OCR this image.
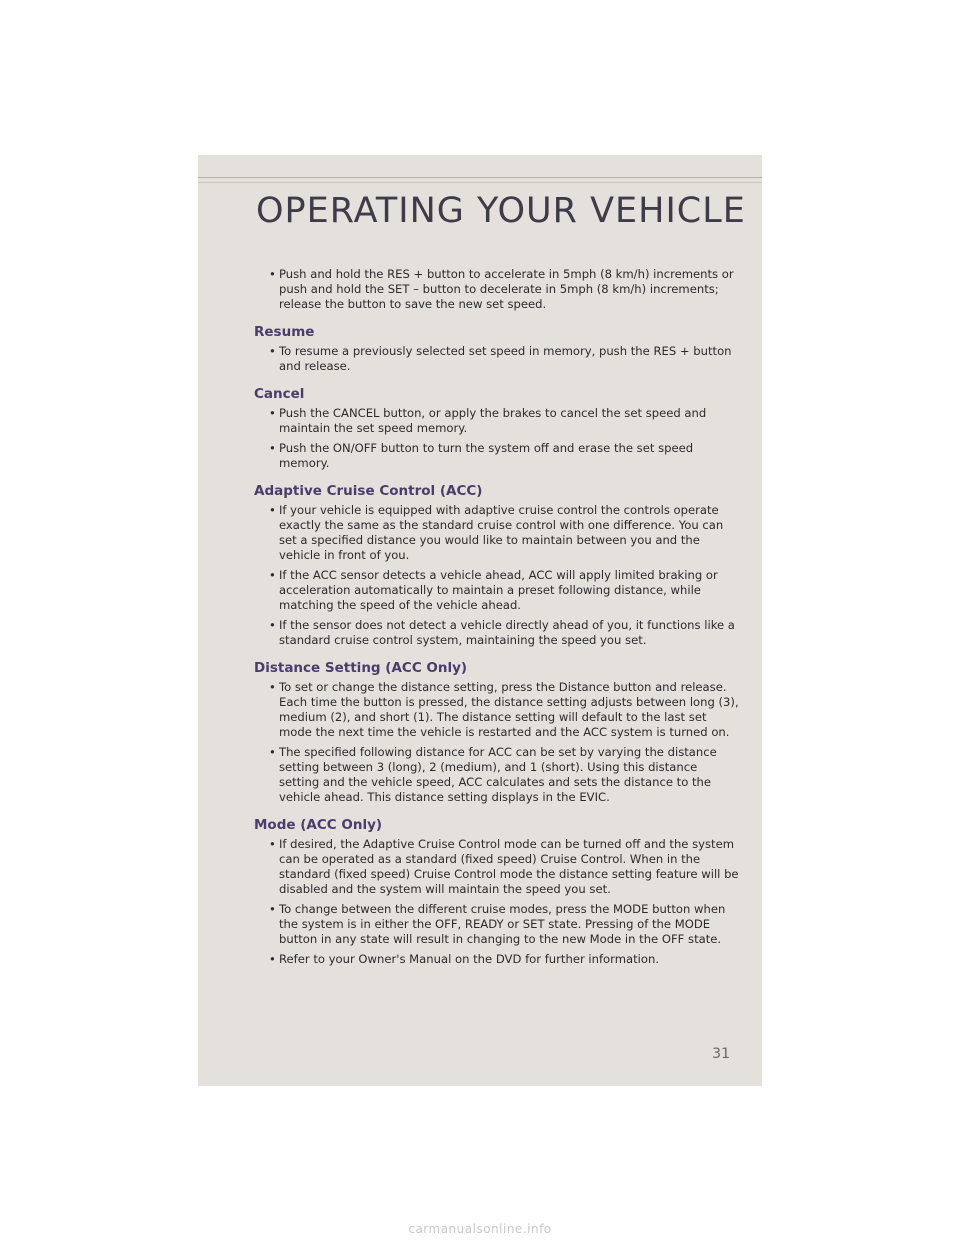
OPERATING YOUR VEHICLE
• Push and hold the RES + button to accelerate in 5mph (8 km/h) increments or push and hold the SET – button to decelerate in 5mph (8 km/h) increments; release the button to save the new set speed.
Resume
• To resume a previously selected set speed in memory, push the RES + button and release.
Cancel
• Push the CANCEL button, or apply the brakes to cancel the set speed and maintain the set speed memory.
• Push the ON/OFF button to turn the system off and erase the set speed memory.
Adaptive Cruise Control (ACC)
• If your vehicle is equipped with adaptive cruise control the controls operate exactly the same as the standard cruise control with one difference. You can set a specified distance you would like to maintain between you and the vehicle in front of you.
• If the ACC sensor detects a vehicle ahead, ACC will apply limited braking or acceleration automatically to maintain a preset following distance, while matching the speed of the vehicle ahead.
• If the sensor does not detect a vehicle directly ahead of you, it functions like a standard cruise control system, maintaining the speed you set.
Distance Setting (ACC Only)
• To set or change the distance setting, press the Distance button and release. Each time the button is pressed, the distance setting adjusts between long (3), medium (2), and short (1). The distance setting will default to the last set mode the next time the vehicle is restarted and the ACC system is turned on.
• The specified following distance for ACC can be set by varying the distance setting between 3 (long), 2 (medium), and 1 (short). Using this distance setting and the vehicle speed, ACC calculates and sets the distance to the vehicle ahead. This distance setting displays in the EVIC.
Mode (ACC Only)
• If desired, the Adaptive Cruise Control mode can be turned off and the system can be operated as a standard (fixed speed) Cruise Control. When in the standard (fixed speed) Cruise Control mode the distance setting feature will be disabled and the system will maintain the speed you set.
• To change between the different cruise modes, press the MODE button when the system is in either the OFF, READY or SET state. Pressing of the MODE button in any state will result in changing to the new Mode in the OFF state.
• Refer to your Owner's Manual on the DVD for further information.
31
carmanualsonline.info
